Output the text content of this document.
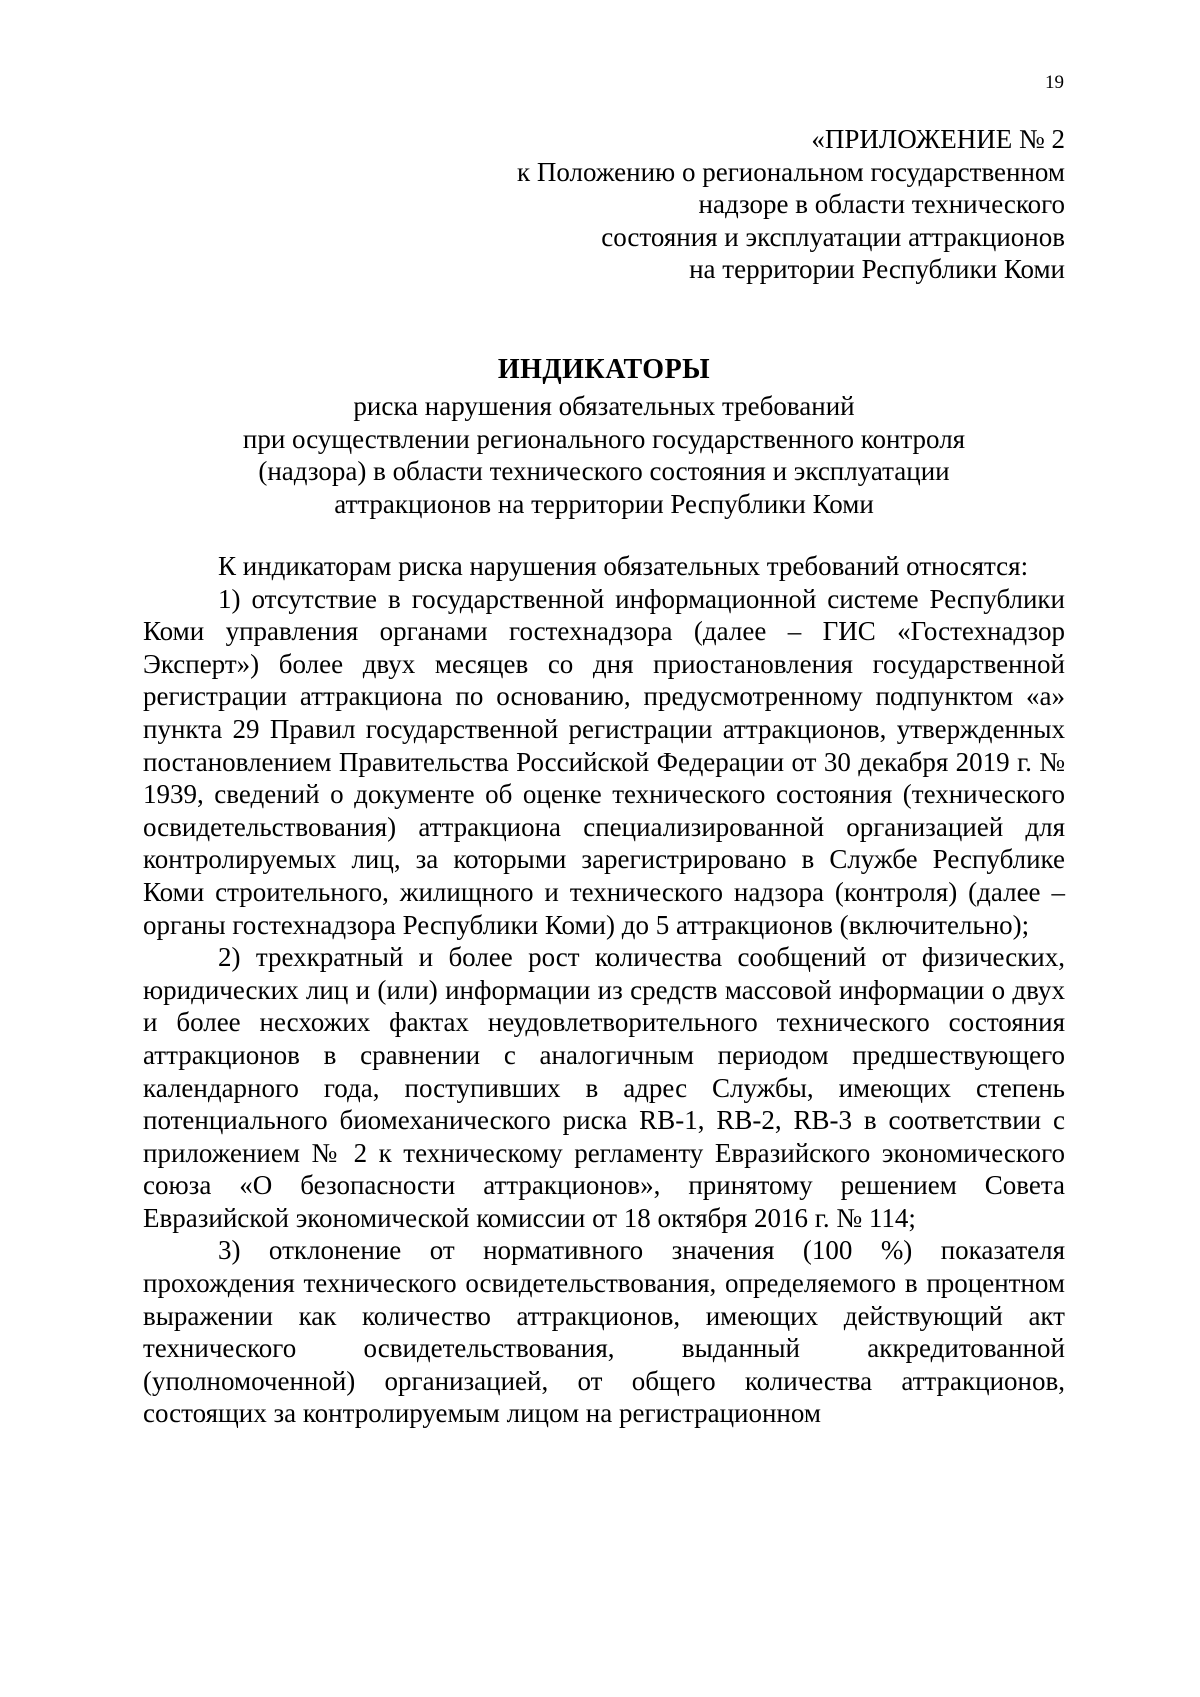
19
«ПРИЛОЖЕНИЕ № 2
к Положению о региональном государственном
надзоре в области технического
состояния и эксплуатации аттракционов
на территории Республики Коми
ИНДИКАТОРЫ
риска нарушения обязательных требований
при осуществлении регионального государственного контроля
(надзора) в области технического состояния и эксплуатации
аттракционов на территории Республики Коми

К индикаторам риска нарушения обязательных требований относятся:

1) отсутствие в государственной информационной системе Республики Коми управления органами гостехнадзора (далее – ГИС «Гостехнадзор Эксперт») более двух месяцев со дня приостановления государственной регистрации аттракциона по основанию, предусмотренному подпунктом «а» пункта 29 Правил государственной регистрации аттракционов, утвержденных постановлением Правительства Российской Федерации от 30 декабря 2019 г. № 1939, сведений о документе об оценке технического состояния (технического освидетельствования) аттракциона специализированной организацией для контролируемых лиц, за которыми зарегистрировано в Службе Республике Коми строительного, жилищного и технического надзора (контроля) (далее – органы гостехнадзора Республики Коми) до 5 аттракционов (включительно);

2) трехкратный и более рост количества сообщений от физических, юридических лиц и (или) информации из средств массовой информации о двух и более несхожих фактах неудовлетворительного технического состояния аттракционов в сравнении с аналогичным периодом предшествующего календарного года, поступивших в адрес Службы, имеющих степень потенциального биомеханического риска RB-1, RB-2, RB-3 в соответствии с приложением № 2 к техническому регламенту Евразийского экономического союза «О безопасности аттракционов», принятому решением Совета Евразийской экономической комиссии от 18 октября 2016 г. № 114;

3) отклонение от нормативного значения (100 %) показателя прохождения технического освидетельствования, определяемого в процентном выражении как количество аттракционов, имеющих действующий акт технического освидетельствования, выданный аккредитованной (уполномоченной) организацией, от общего количества аттракционов, состоящих за контролируемым лицом на регистрационном
